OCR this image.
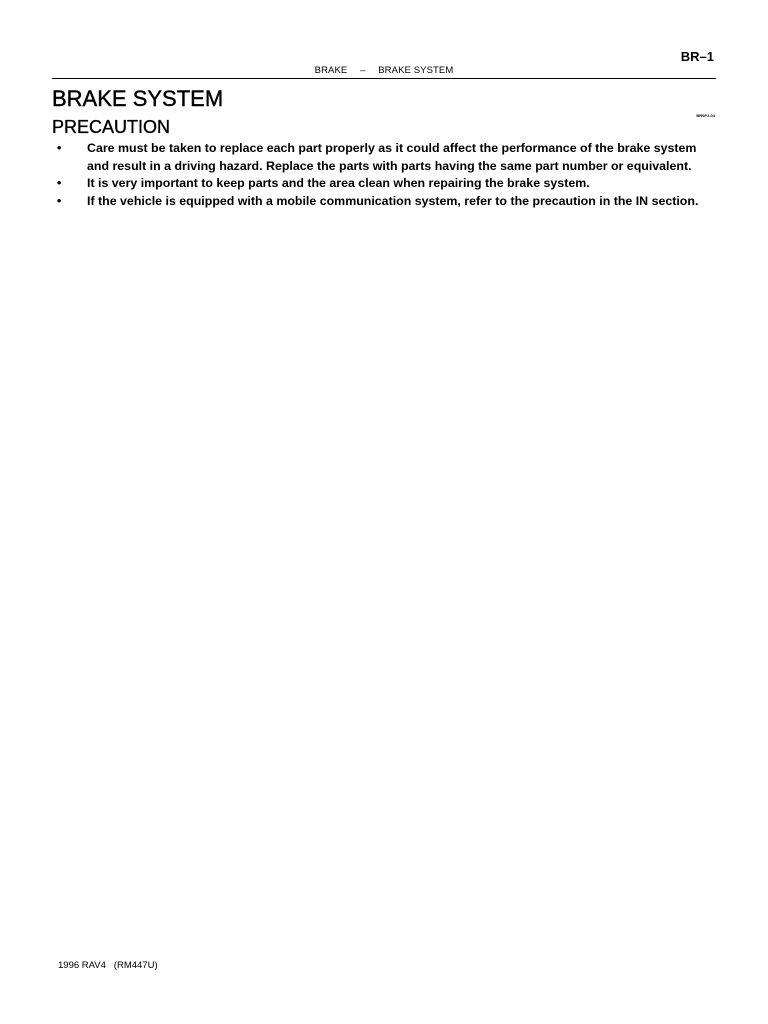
BR–1
BRAKE – BRAKE SYSTEM
BRAKE SYSTEM
PRECAUTION
BR0PJ-04
• Care must be taken to replace each part properly as it could affect the performance of the brake system and result in a driving hazard. Replace the parts with parts having the same part number or equivalent.
• It is very important to keep parts and the area clean when repairing the brake system.
• If the vehicle is equipped with a mobile communication system, refer to the precaution in the IN section.
1996 RAV4   (RM447U)
